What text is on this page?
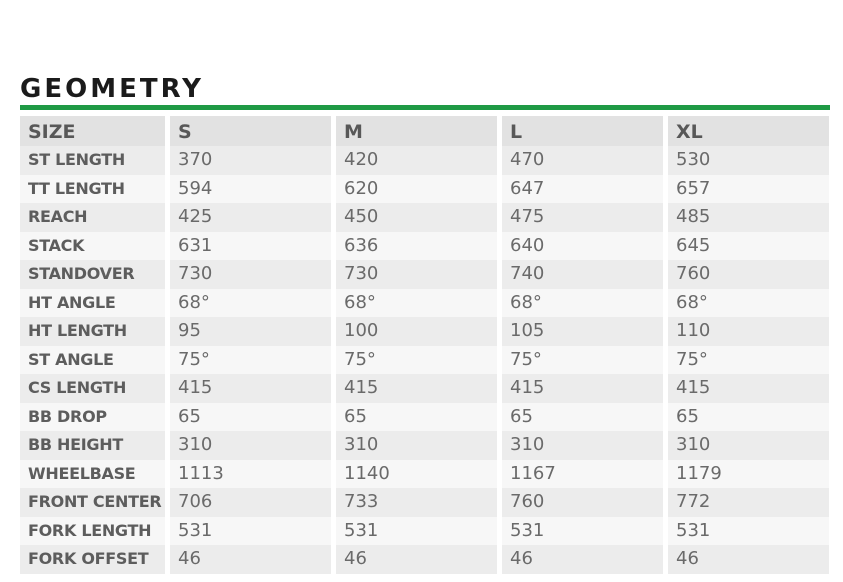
GEOMETRY
SIZE	S	M	L	XL
ST LENGTH	370	420	470	530
TT LENGTH	594	620	647	657
REACH	425	450	475	485
STACK	631	636	640	645
STANDOVER	730	730	740	760
HT ANGLE	68°	68°	68°	68°
HT LENGTH	95	100	105	110
ST ANGLE	75°	75°	75°	75°
CS LENGTH	415	415	415	415
BB DROP	65	65	65	65
BB HEIGHT	310	310	310	310
WHEELBASE	1113	1140	1167	1179
FRONT CENTER 706	733	760	772
FORK LENGTH	531	531	531	531
FORK OFFSET	46	46	46	46
